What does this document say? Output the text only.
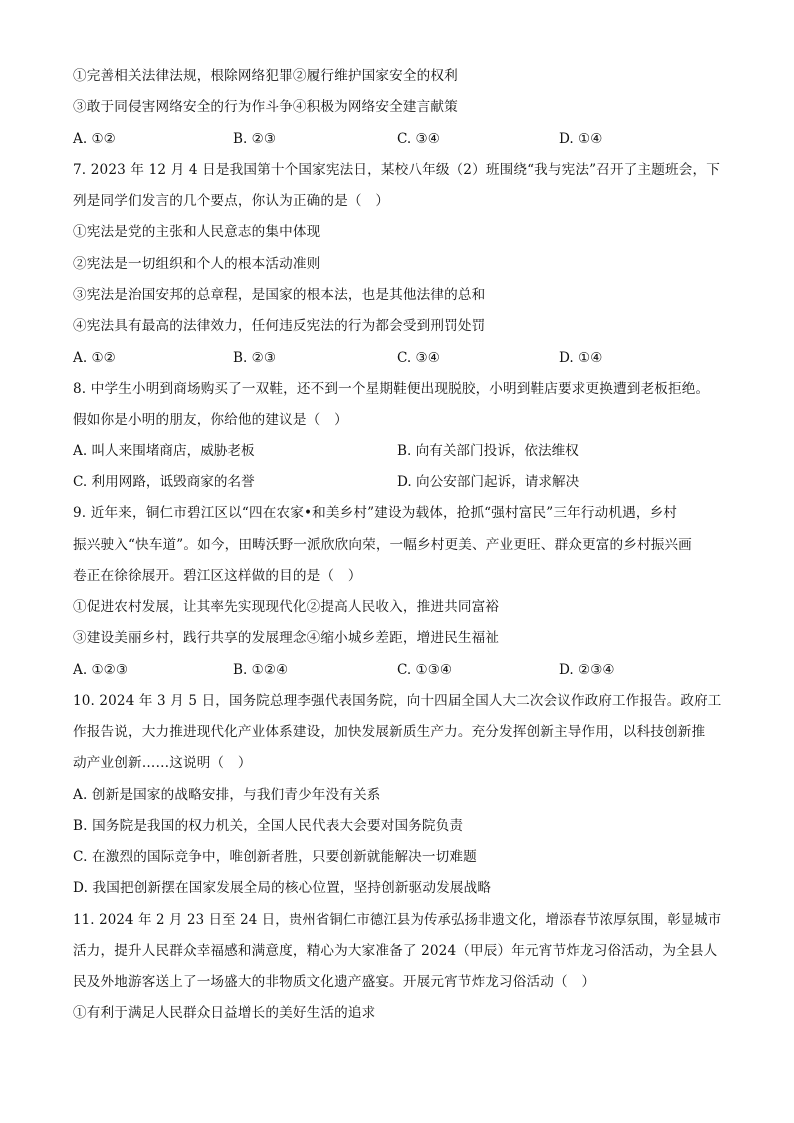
①完善相关法律法规，根除网络犯罪②履行维护国家安全的权利
③敢于同侵害网络安全的行为作斗争④积极为网络安全建言献策
A. ①②	B. ②③	C. ③④	D. ①④
7. 2023 年 12 月 4 日是我国第十个国家宪法日，某校八年级（2）班围绕“我与宪法”召开了主题班会，下
列是同学们发言的几个要点，你认为正确的是（　）
①宪法是党的主张和人民意志的集中体现
②宪法是一切组织和个人的根本活动准则
③宪法是治国安邦的总章程，是国家的根本法，也是其他法律的总和
④宪法具有最高的法律效力，任何违反宪法的行为都会受到刑罚处罚
A. ①②	B. ②③	C. ③④	D. ①④
8. 中学生小明到商场购买了一双鞋，还不到一个星期鞋便出现脱胶，小明到鞋店要求更换遭到老板拒绝。
假如你是小明的朋友，你给他的建议是（　）
A. 叫人来围堵商店，威胁老板	B. 向有关部门投诉，依法维权
C. 利用网路，诋毁商家的名誉	D. 向公安部门起诉，请求解决
9. 近年来，铜仁市碧江区以“四在农家•和美乡村”建设为载体，抢抓“强村富民”三年行动机遇，乡村
振兴驶入“快车道”。如今，田畴沃野一派欣欣向荣，一幅乡村更美、产业更旺、群众更富的乡村振兴画
卷正在徐徐展开。碧江区这样做的目的是（　）
①促进农村发展，让其率先实现现代化②提高人民收入，推进共同富裕
③建设美丽乡村，践行共享的发展理念④缩小城乡差距，增进民生福祉
A. ①②③	B. ①②④	C. ①③④	D. ②③④
10. 2024 年 3 月 5 日，国务院总理李强代表国务院，向十四届全国人大二次会议作政府工作报告。政府工
作报告说，大力推进现代化产业体系建设，加快发展新质生产力。充分发挥创新主导作用，以科技创新推
动产业创新……这说明（　）
A. 创新是国家的战略安排，与我们青少年没有关系
B. 国务院是我国的权力机关，全国人民代表大会要对国务院负责
C. 在激烈的国际竞争中，唯创新者胜，只要创新就能解决一切难题
D. 我国把创新摆在国家发展全局的核心位置，坚持创新驱动发展战略
11. 2024 年 2 月 23 日至 24 日，贵州省铜仁市德江县为传承弘扬非遗文化，增添春节浓厚氛围，彰显城市
活力，提升人民群众幸福感和满意度，精心为大家准备了 2024（甲辰）年元宵节炸龙习俗活动，为全县人
民及外地游客送上了一场盛大的非物质文化遗产盛宴。开展元宵节炸龙习俗活动（　）
①有利于满足人民群众日益增长的美好生活的追求
